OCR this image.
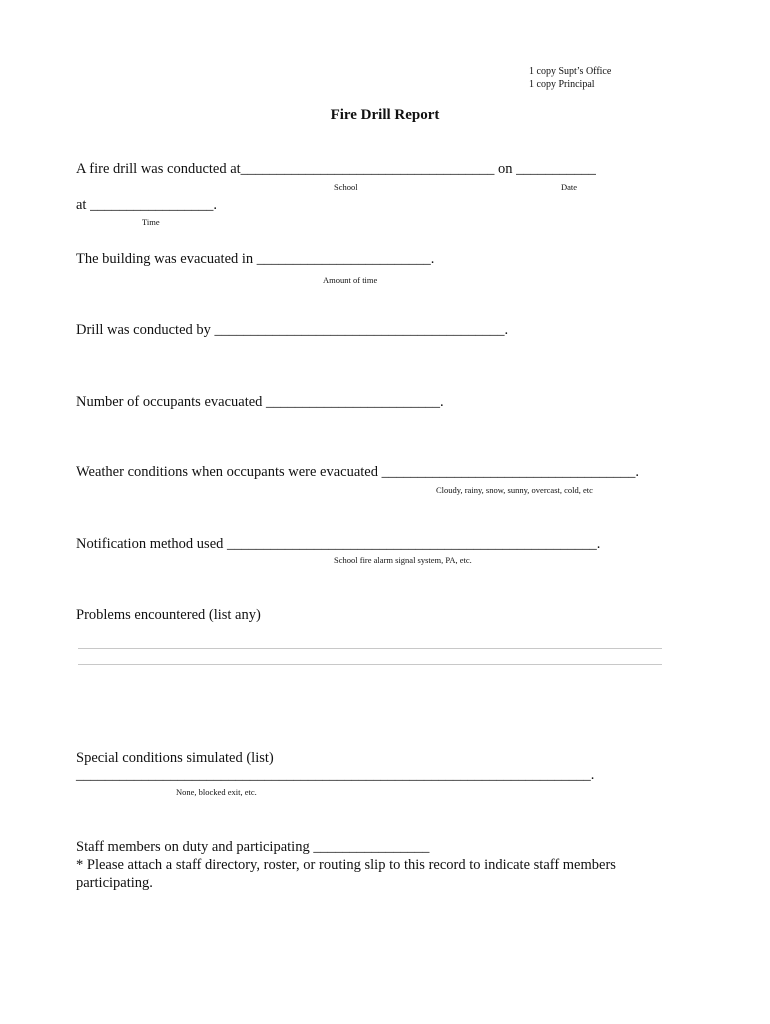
1 copy Supt’s Office
1 copy Principal
Fire Drill Report
A fire drill was conducted at___________________________________ on ___________
School	Date
at _________________.
Time
The building was evacuated in ________________________.
Amount of time
Drill was conducted by ________________________________________.
Number of occupants evacuated ________________________.
Weather conditions when occupants were evacuated ___________________________________.
Cloudy, rainy, snow, sunny, overcast, cold, etc
Notification method used ___________________________________________________.
School fire alarm signal system, PA, etc.
Problems encountered (list any)
Special conditions simulated (list)
_______________________________________________________________________.
None, blocked exit, etc.
Staff members on duty and participating ________________
* Please attach a staff directory, roster, or routing slip to this record to indicate staff members
participating.
